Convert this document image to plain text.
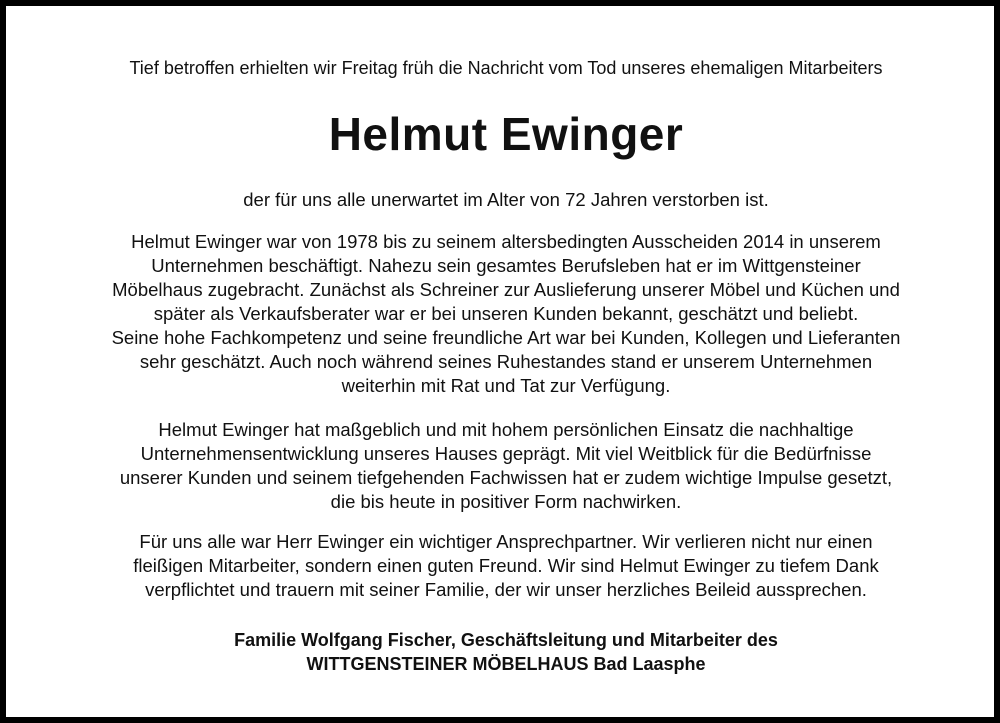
Tief betroffen erhielten wir Freitag früh die Nachricht vom Tod unseres ehemaligen Mitarbeiters
Helmut Ewinger
der für uns alle unerwartet im Alter von 72 Jahren verstorben ist.
Helmut Ewinger war von 1978 bis zu seinem altersbedingten Ausscheiden 2014 in unserem
Unternehmen beschäftigt. Nahezu sein gesamtes Berufsleben hat er im Wittgensteiner
Möbelhaus zugebracht. Zunächst als Schreiner zur Auslieferung unserer Möbel und Küchen und
später als Verkaufsberater war er bei unseren Kunden bekannt, geschätzt und beliebt.
Seine hohe Fachkompetenz und seine freundliche Art war bei Kunden, Kollegen und Lieferanten
sehr geschätzt. Auch noch während seines Ruhestandes stand er unserem Unternehmen
weiterhin mit Rat und Tat zur Verfügung.
Helmut Ewinger hat maßgeblich und mit hohem persönlichen Einsatz die nachhaltige
Unternehmensentwicklung unseres Hauses geprägt. Mit viel Weitblick für die Bedürfnisse
unserer Kunden und seinem tiefgehenden Fachwissen hat er zudem wichtige Impulse gesetzt,
die bis heute in positiver Form nachwirken.
Für uns alle war Herr Ewinger ein wichtiger Ansprechpartner. Wir verlieren nicht nur einen
fleißigen Mitarbeiter, sondern einen guten Freund. Wir sind Helmut Ewinger zu tiefem Dank
verpflichtet und trauern mit seiner Familie, der wir unser herzliches Beileid aussprechen.
Familie Wolfgang Fischer, Geschäftsleitung und Mitarbeiter des
WITTGENSTEINER MÖBELHAUS Bad Laasphe
